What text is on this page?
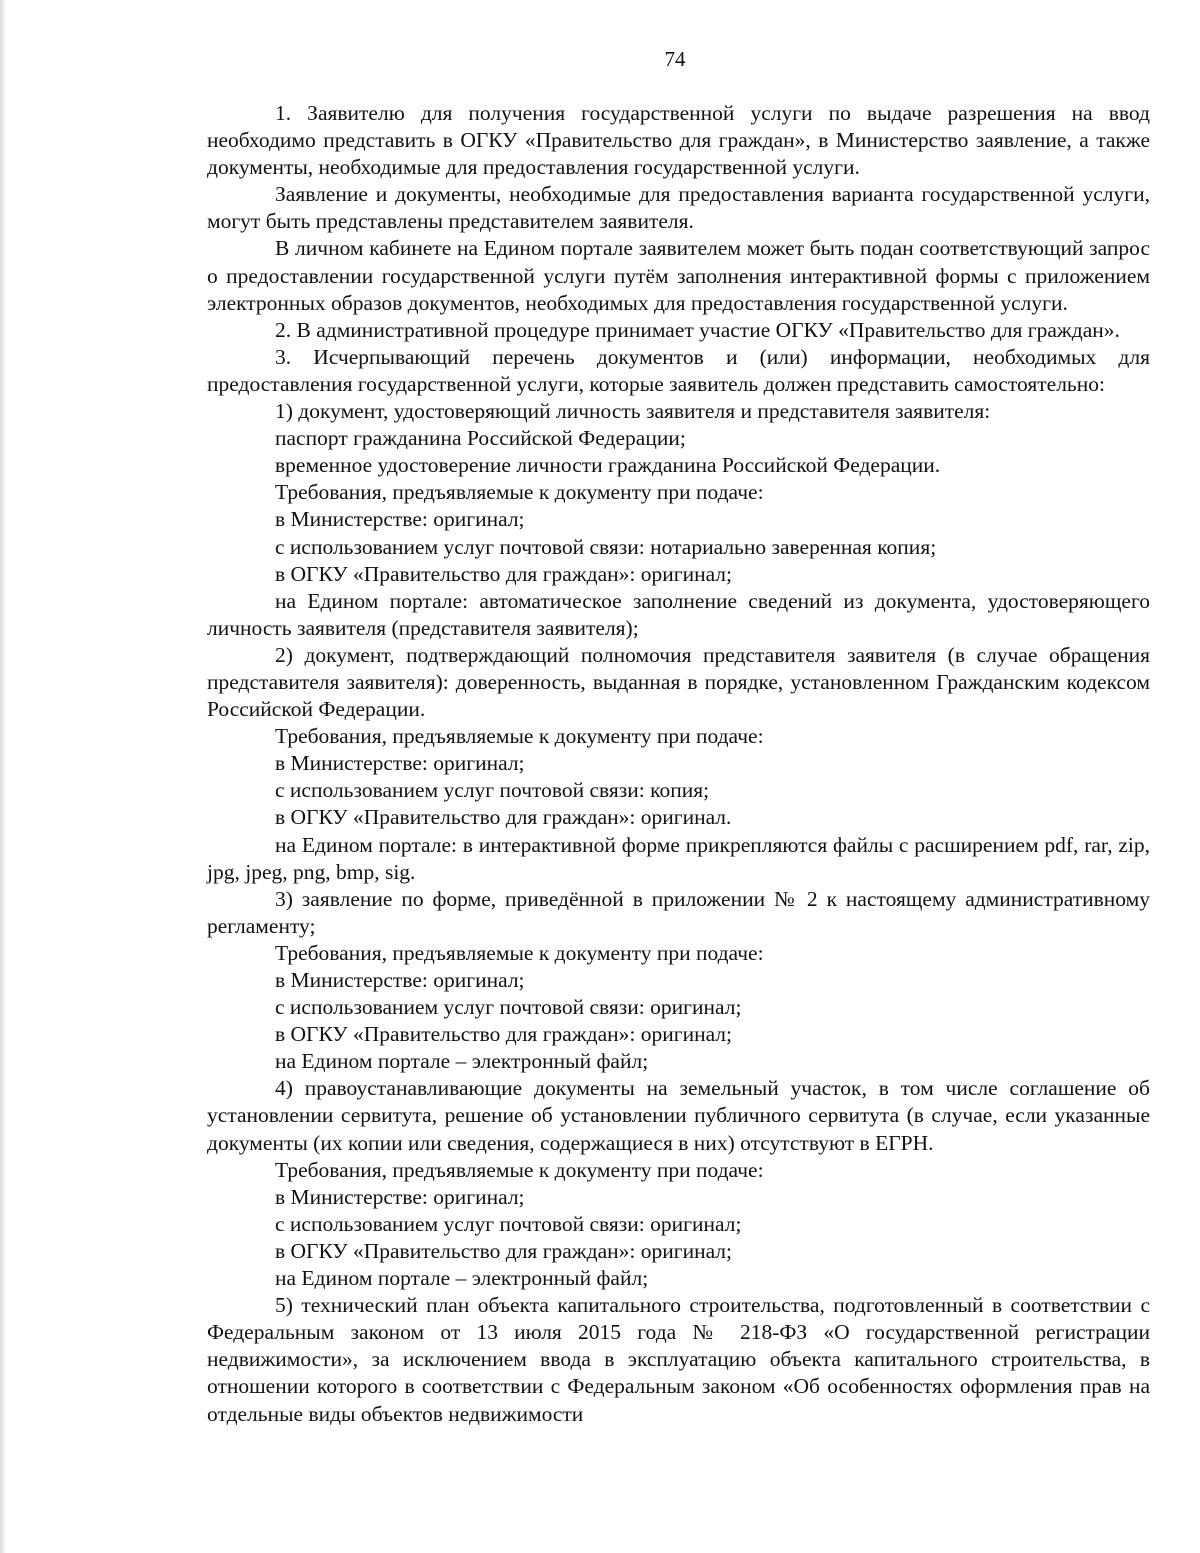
74

1. Заявителю для получения государственной услуги по выдаче разрешения на ввод необходимо представить в ОГКУ «Правительство для граждан», в Министерство заявление, а также документы, необходимые для предоставления государственной услуги.

Заявление и документы, необходимые для предоставления варианта государственной услуги, могут быть представлены представителем заявителя.

В личном кабинете на Едином портале заявителем может быть подан соответствующий запрос о предоставлении государственной услуги путём заполнения интерактивной формы с приложением электронных образов документов, необходимых для предоставления государственной услуги.

2. В административной процедуре принимает участие ОГКУ «Правительство для граждан».

3. Исчерпывающий перечень документов и (или) информации, необходимых для предоставления государственной услуги, которые заявитель должен представить самостоятельно:

1) документ, удостоверяющий личность заявителя и представителя заявителя:

паспорт гражданина Российской Федерации;

временное удостоверение личности гражданина Российской Федерации.

Требования, предъявляемые к документу при подаче:

в Министерстве: оригинал;

с использованием услуг почтовой связи: нотариально заверенная копия;

в ОГКУ «Правительство для граждан»: оригинал;

на Едином портале: автоматическое заполнение сведений из документа, удостоверяющего личность заявителя (представителя заявителя);

2) документ, подтверждающий полномочия представителя заявителя (в случае обращения представителя заявителя): доверенность, выданная в порядке, установленном Гражданским кодексом Российской Федерации.

Требования, предъявляемые к документу при подаче:

в Министерстве: оригинал;

с использованием услуг почтовой связи: копия;

в ОГКУ «Правительство для граждан»: оригинал.

на Едином портале: в интерактивной форме прикрепляются файлы с расширением pdf, rar, zip, jpg, jpeg, png, bmp, sig.

3) заявление по форме, приведённой в приложении № 2 к настоящему административному регламенту;

Требования, предъявляемые к документу при подаче:

в Министерстве: оригинал;

с использованием услуг почтовой связи: оригинал;

в ОГКУ «Правительство для граждан»: оригинал;

на Едином портале – электронный файл;

4) правоустанавливающие документы на земельный участок, в том числе соглашение об установлении сервитута, решение об установлении публичного сервитута (в случае, если указанные документы (их копии или сведения, содержащиеся в них) отсутствуют в ЕГРН.

Требования, предъявляемые к документу при подаче:

в Министерстве: оригинал;

с использованием услуг почтовой связи: оригинал;

в ОГКУ «Правительство для граждан»: оригинал;

на Едином портале – электронный файл;

5) технический план объекта капитального строительства, подготовленный в соответствии с Федеральным законом от 13 июля 2015 года № 218-ФЗ «О государственной регистрации недвижимости», за исключением ввода в эксплуатацию объекта капитального строительства, в отношении которого в соответствии с Федеральным законом «Об особенностях оформления прав на отдельные виды объектов недвижимости
